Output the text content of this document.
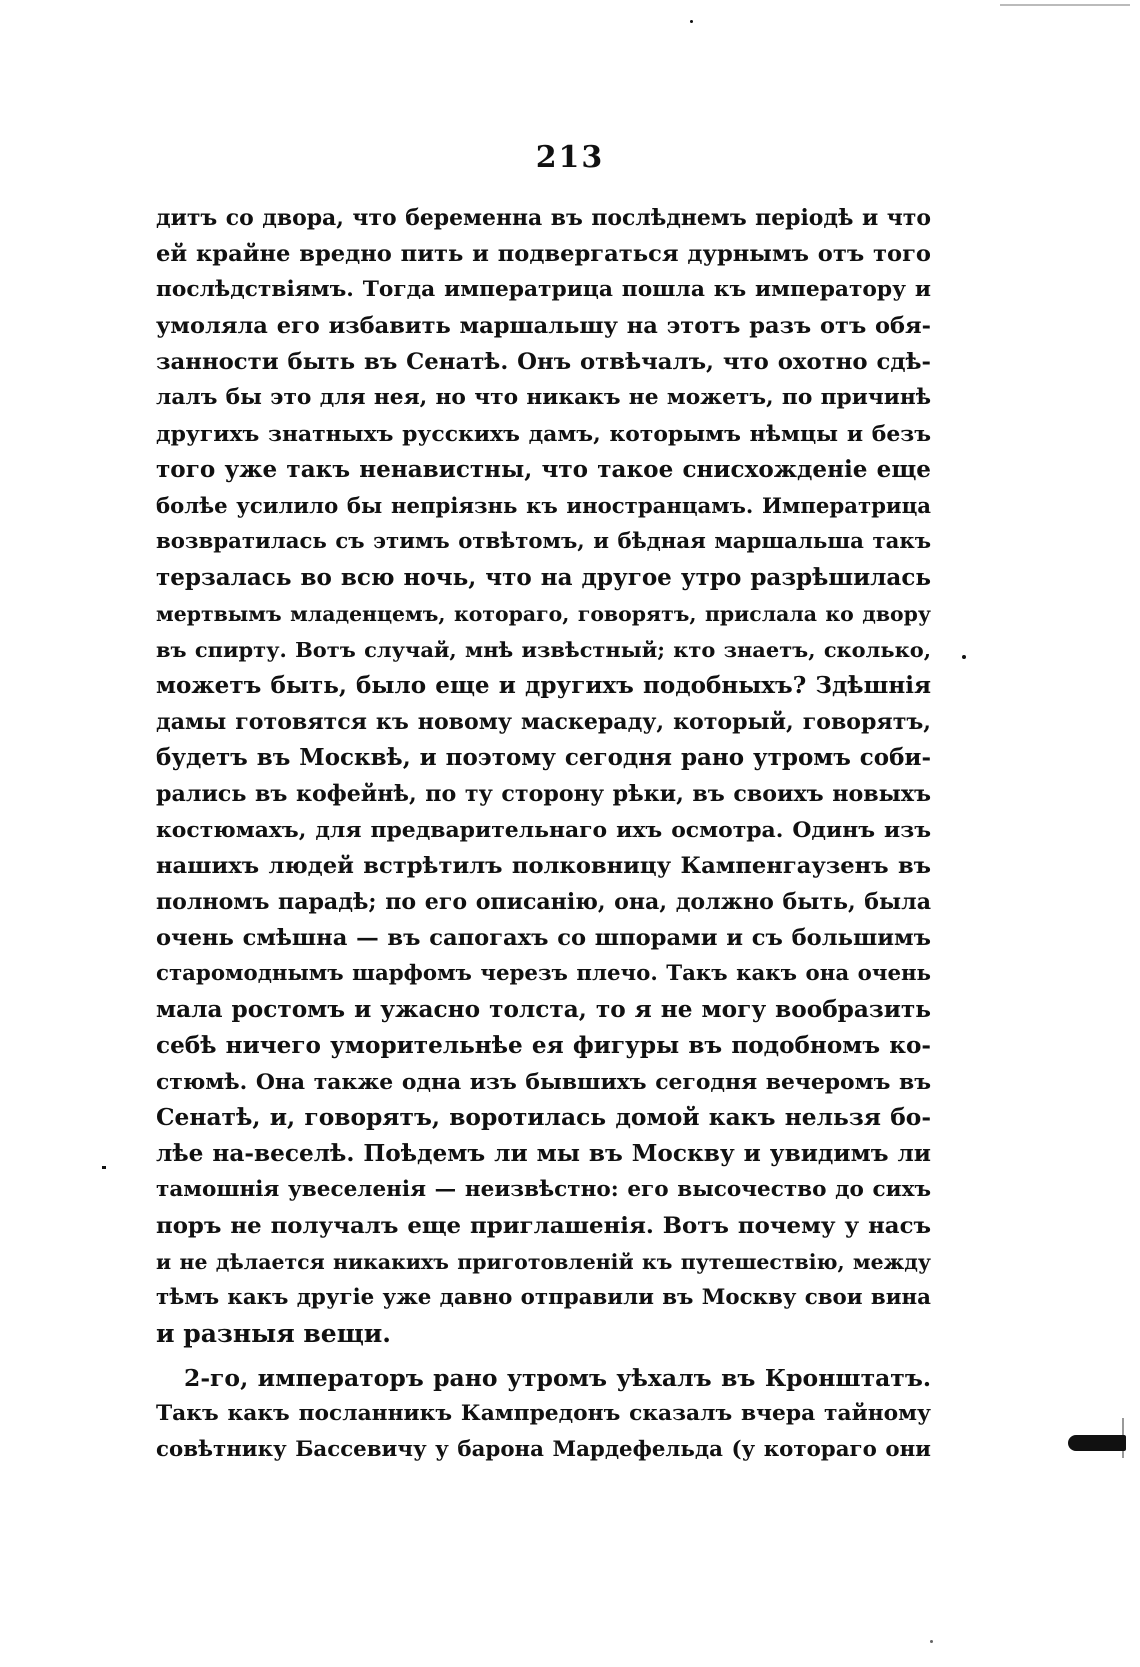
213
дитъ со двора, что беременна въ послѣднемъ періодѣ и что
ей крайне вредно пить и подвергаться дурнымъ отъ того
послѣдствіямъ. Тогда императрица пошла къ императору и
умоляла его избавить маршальшу на этотъ разъ отъ обя-
занности быть въ Сенатѣ. Онъ отвѣчалъ, что охотно сдѣ-
лалъ бы это для нея, но что никакъ не можетъ, по причинѣ
другихъ знатныхъ русскихъ дамъ, которымъ нѣмцы и безъ
того уже такъ ненавистны, что такое снисхожденіе еще
болѣе усилило бы непріязнь къ иностранцамъ. Императрица
возвратилась съ этимъ отвѣтомъ, и бѣдная маршальша такъ
терзалась во всю ночь, что на другое утро разрѣшилась
мертвымъ младенцемъ, котораго, говорятъ, прислала ко двору
въ спирту. Вотъ случай, мнѣ извѣстный; кто знаетъ, сколько,
можетъ быть, было еще и другихъ подобныхъ? Здѣшнія
дамы готовятся къ новому маскераду, который, говорятъ,
будетъ въ Москвѣ, и поэтому сегодня рано утромъ соби-
рались въ кофейнѣ, по ту сторону рѣки, въ своихъ новыхъ
костюмахъ, для предварительнаго ихъ осмотра. Одинъ изъ
нашихъ людей встрѣтилъ полковницу Кампенгаузенъ въ
полномъ парадѣ; по его описанію, она, должно быть, была
очень смѣшна — въ сапогахъ со шпорами и съ большимъ
старомоднымъ шарфомъ черезъ плечо. Такъ какъ она очень
мала ростомъ и ужасно толста, то я не могу вообразить
себѣ ничего уморительнѣе ея фигуры въ подобномъ ко-
стюмѣ. Она также одна изъ бывшихъ сегодня вечеромъ въ
Сенатѣ, и, говорятъ, воротилась домой какъ нельзя бо-
лѣе на-веселѣ. Поѣдемъ ли мы въ Москву и увидимъ ли
тамошнія увеселенія — неизвѣстно: его высочество до сихъ
поръ не получалъ еще приглашенія. Вотъ почему у насъ
и не дѣлается никакихъ приготовленій къ путешествію, между
тѣмъ какъ другіе уже давно отправили въ Москву свои вина
и разныя вещи.
2-го, императоръ рано утромъ уѣхалъ въ Кронштатъ.
Такъ какъ посланникъ Кампредонъ сказалъ вчера тайному
совѣтнику Бассевичу у барона Мардефельда (у котораго они
